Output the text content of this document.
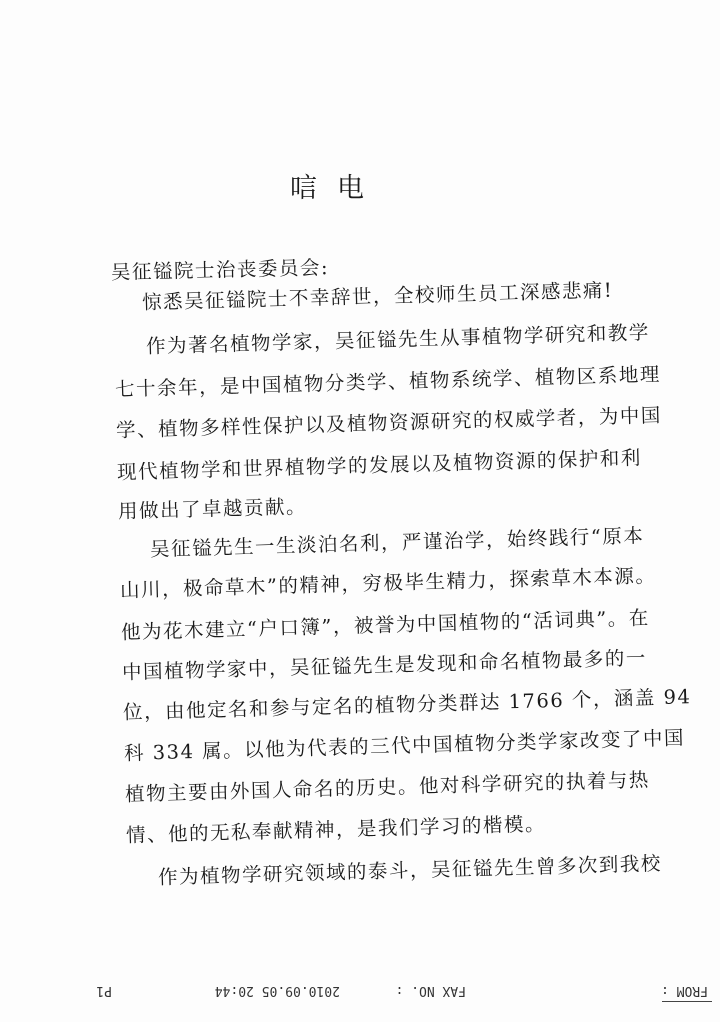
唁电
吴征镒院士治丧委员会:
惊悉吴征镒院士不幸辞世，全校师生员工深感悲痛!
作为著名植物学家，吴征镒先生从事植物学研究和教学
七十余年，是中国植物分类学、植物系统学、植物区系地理
学、植物多样性保护以及植物资源研究的权威学者，为中国
现代植物学和世界植物学的发展以及植物资源的保护和利
用做出了卓越贡献。
吴征镒先生一生淡泊名利，严谨治学，始终践行“原本
山川，极命草木”的精神，穷极毕生精力，探索草木本源。
他为花木建立“户口簿”，被誉为中国植物的“活词典”。在
中国植物学家中，吴征镒先生是发现和命名植物最多的一
位，由他定名和参与定名的植物分类群达 1766 个，涵盖 94
科 334 属。以他为代表的三代中国植物分类学家改变了中国
植物主要由外国人命名的历史。他对科学研究的执着与热
情、他的无私奉献精神，是我们学习的楷模。
作为植物学研究领域的泰斗，吴征镒先生曾多次到我校
P1	2010.09.05 20:44	FAX NO. :	FROM :
